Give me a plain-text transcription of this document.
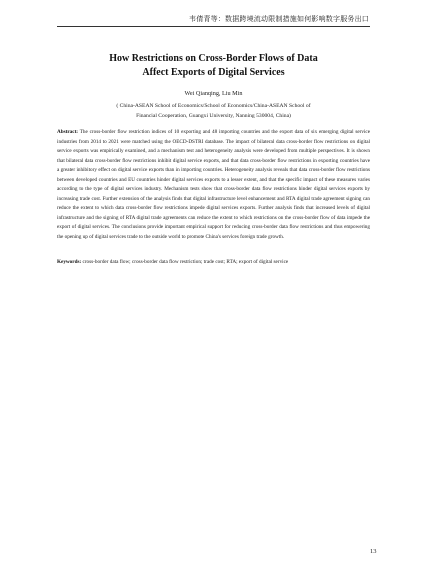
韦倩青等：数据跨境流动限制措施如何影响数字服务出口
How Restrictions on Cross-Border Flows of Data
Affect Exports of Digital Services
Wei Qianqing, Liu Min
( China-ASEAN School of Economics/School of Economics/China-ASEAN School of
Financial Cooperation, Guangxi University, Nanning 530004, China)
Abstract: The cross-border flow restriction indices of 10 exporting and 48 importing countries and the export data of six emerging digital service industries from 2014 to 2021 were matched using the OECD-DSTRI database. The impact of bilateral data cross-border flow restrictions on digital service exports was empirically examined, and a mechanism test and heterogeneity analysis were developed from multiple perspectives. It is shown that bilateral data cross-border flow restrictions inhibit digital service exports, and that data cross-border flow restrictions in exporting countries have a greater inhibitory effect on digital service exports than in importing countries. Heterogeneity analysis reveals that data cross-border flow restrictions between developed countries and EU countries hinder digital services exports to a lesser extent, and that the specific impact of these measures varies according to the type of digital services industry. Mechanism tests show that cross-border data flow restrictions hinder digital services exports by increasing trade cost. Further extension of the analysis finds that digital infrastructure level enhancement and RTA digital trade agreement signing can reduce the extent to which data cross-border flow restrictions impede digital services exports. Further analysis finds that increased levels of digital infrastructure and the signing of RTA digital trade agreements can reduce the extent to which restrictions on the cross-border flow of data impede the export of digital services. The conclusions provide important empirical support for reducing cross-border data flow restrictions and thus empowering the opening up of digital services trade to the outside world to promote China's services foreign trade growth.
Keywords: cross-border data flow; cross-border data flow restriction; trade cost; RTA; export of digital service
13
